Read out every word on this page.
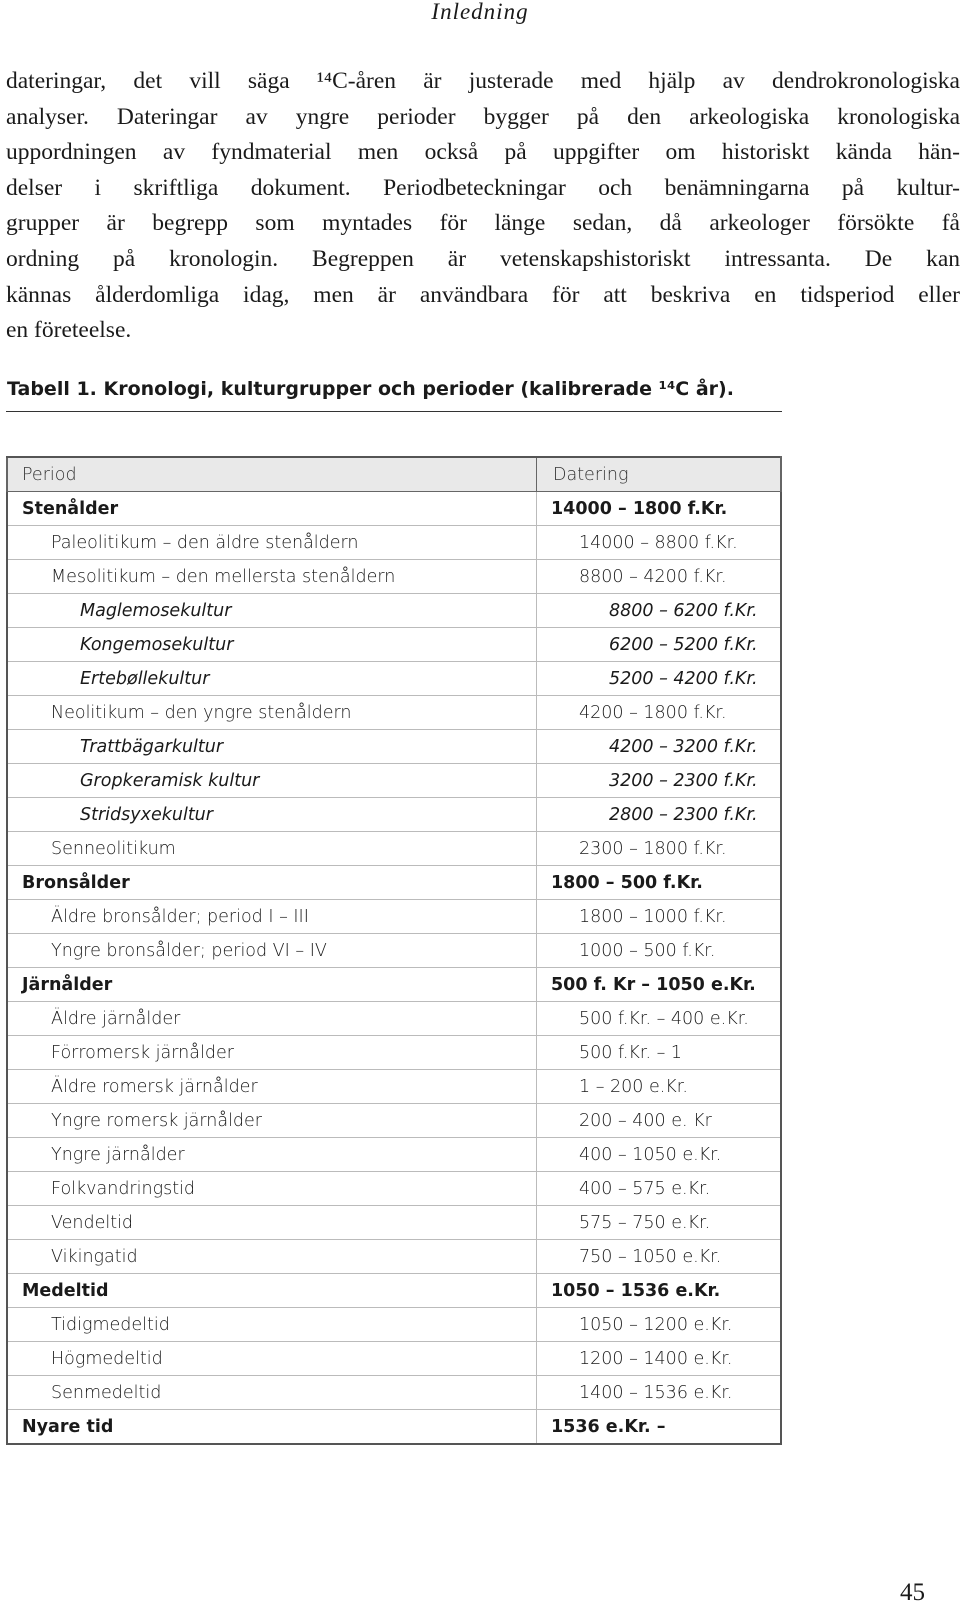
Inledning
dateringar, det vill säga ¹⁴C-åren är justerade med hjälp av dendrokronologiska
analyser. Dateringar av yngre perioder bygger på den arkeologiska kronologiska
uppordningen av fyndmaterial men också på uppgifter om historiskt kända hän-
delser i skriftliga dokument. Periodbeteckningar och benämningarna på kultur-
grupper är begrepp som myntades för länge sedan, då arkeologer försökte få
ordning på kronologin. Begreppen är vetenskapshistoriskt intressanta. De kan
kännas ålderdomliga idag, men är användbara för att beskriva en tidsperiod eller
en företeelse.
Tabell 1. Kronologi, kulturgrupper och perioder (kalibrerade ¹⁴C år).
Period	Datering
Stenålder	14000 – 1800 f.Kr.
Paleolitikum – den äldre stenåldern	14000 – 8800 f.Kr.
Mesolitikum – den mellersta stenåldern	8800 – 4200 f.Kr.
Maglemosekultur	8800 – 6200 f.Kr.
Kongemosekultur	6200 – 5200 f.Kr.
Ertebøllekultur	5200 – 4200 f.Kr.
Neolitikum – den yngre stenåldern	4200 – 1800 f.Kr.
Trattbägarkultur	4200 – 3200 f.Kr.
Gropkeramisk kultur	3200 – 2300 f.Kr.
Stridsyxekultur	2800 – 2300 f.Kr.
Senneolitikum	2300 – 1800 f.Kr.
Bronsålder	1800 – 500 f.Kr.
Äldre bronsålder; period I – III	1800 – 1000 f.Kr.
Yngre bronsålder; period VI – IV	1000 – 500 f.Kr.
Järnålder	500 f. Kr – 1050 e.Kr.
Äldre järnålder	500 f.Kr. – 400 e.Kr.
Förromersk järnålder	500 f.Kr. – 1
Äldre romersk järnålder	1 – 200 e.Kr.
Yngre romersk järnålder	200 – 400 e. Kr
Yngre järnålder	400 – 1050 e.Kr.
Folkvandringstid	400 – 575 e.Kr.
Vendeltid	575 – 750 e.Kr.
Vikingatid	750 – 1050 e.Kr.
Medeltid	1050 – 1536 e.Kr.
Tidigmedeltid	1050 – 1200 e.Kr.
Högmedeltid	1200 – 1400 e.Kr.
Senmedeltid	1400 – 1536 e.Kr.
Nyare tid	1536 e.Kr. –
45
